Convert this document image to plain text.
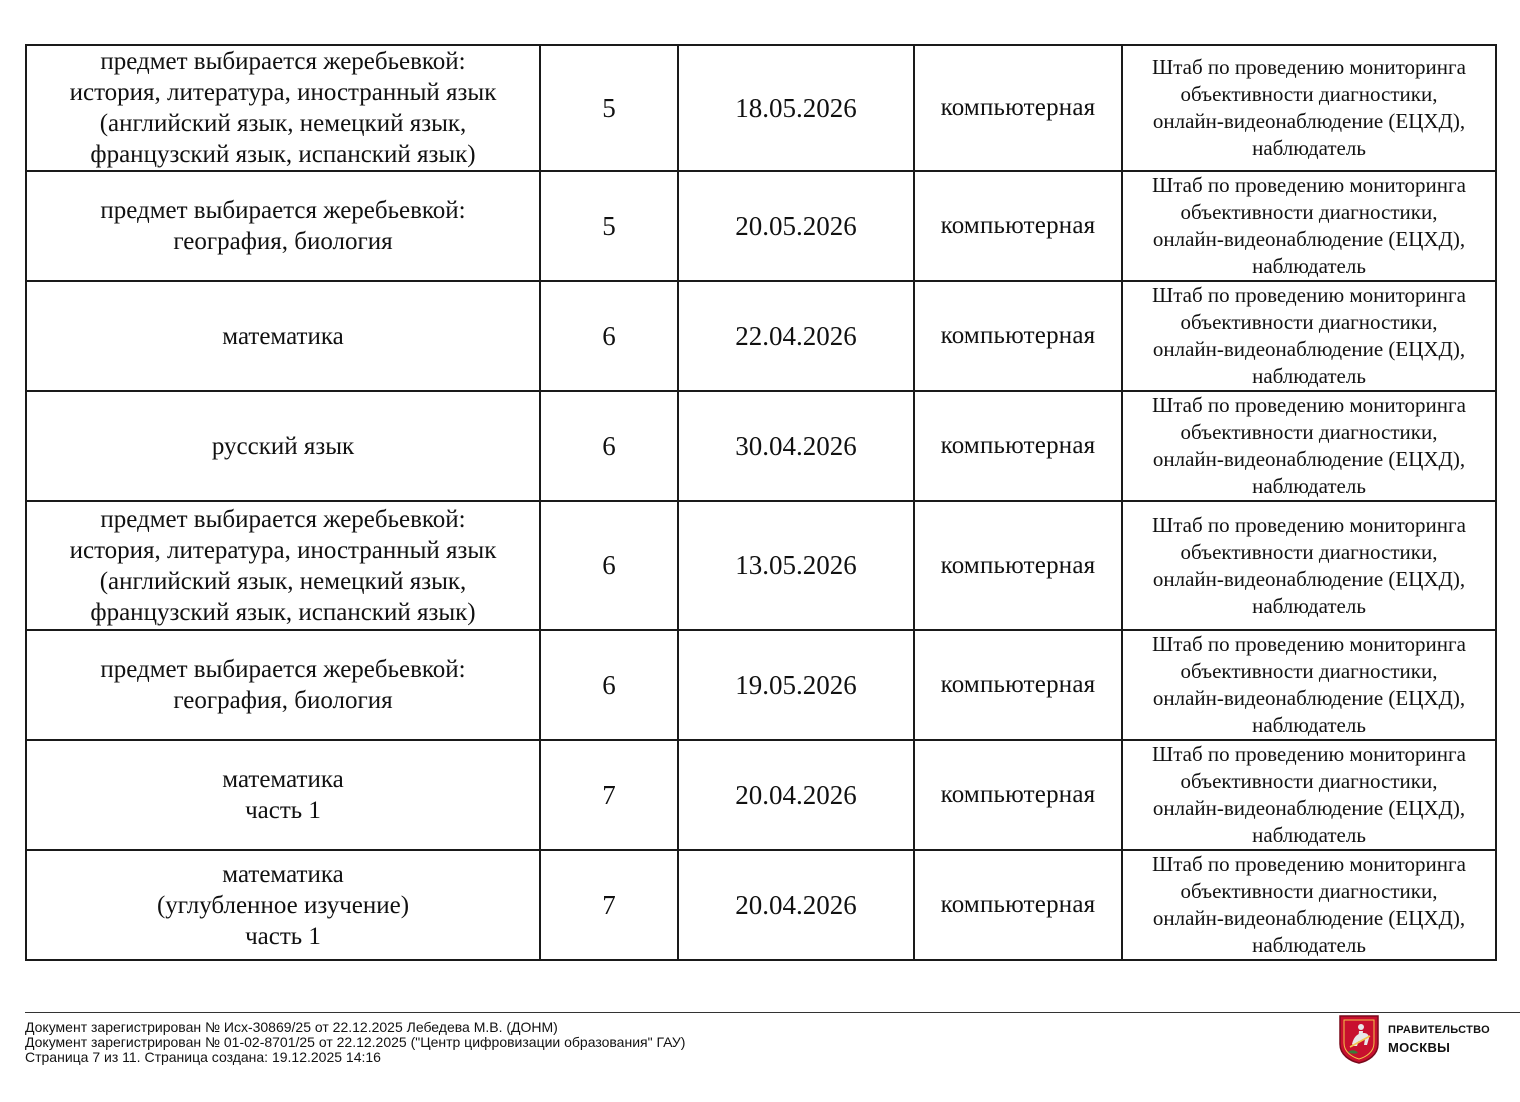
предмет выбирается жеребьевкой:
история, литература, иностранный язык
(английский язык, немецкий язык,
французский язык, испанский язык)	5	18.05.2026	компьютерная	Штаб по проведению мониторинга
объективности диагностики,
онлайн-видеонаблюдение (ЕЦХД),
наблюдатель

предмет выбирается жеребьевкой:
география, биология	5	20.05.2026	компьютерная	Штаб по проведению мониторинга
объективности диагностики,
онлайн-видеонаблюдение (ЕЦХД),
наблюдатель

математика	6	22.04.2026	компьютерная	Штаб по проведению мониторинга
объективности диагностики,
онлайн-видеонаблюдение (ЕЦХД),
наблюдатель

русский язык	6	30.04.2026	компьютерная	Штаб по проведению мониторинга
объективности диагностики,
онлайн-видеонаблюдение (ЕЦХД),
наблюдатель

предмет выбирается жеребьевкой:
история, литература, иностранный язык
(английский язык, немецкий язык,
французский язык, испанский язык)	6	13.05.2026	компьютерная	Штаб по проведению мониторинга
объективности диагностики,
онлайн-видеонаблюдение (ЕЦХД),
наблюдатель

предмет выбирается жеребьевкой:
география, биология	6	19.05.2026	компьютерная	Штаб по проведению мониторинга
объективности диагностики,
онлайн-видеонаблюдение (ЕЦХД),
наблюдатель

математика
часть 1	7	20.04.2026	компьютерная	Штаб по проведению мониторинга
объективности диагностики,
онлайн-видеонаблюдение (ЕЦХД),
наблюдатель

математика
(углубленное изучение)
часть 1	7	20.04.2026	компьютерная	Штаб по проведению мониторинга
объективности диагностики,
онлайн-видеонаблюдение (ЕЦХД),
наблюдатель
Документ зарегистрирован № Исх-30869/25 от 22.12.2025 Лебедева М.В. (ДОНМ)
Документ зарегистрирован № 01-02-8701/25 от 22.12.2025 ("Центр цифровизации образования" ГАУ)
Страница 7 из 11. Страница создана: 19.12.2025 14:16
ПРАВИТЕЛЬСТВО
МОСКВЫ
